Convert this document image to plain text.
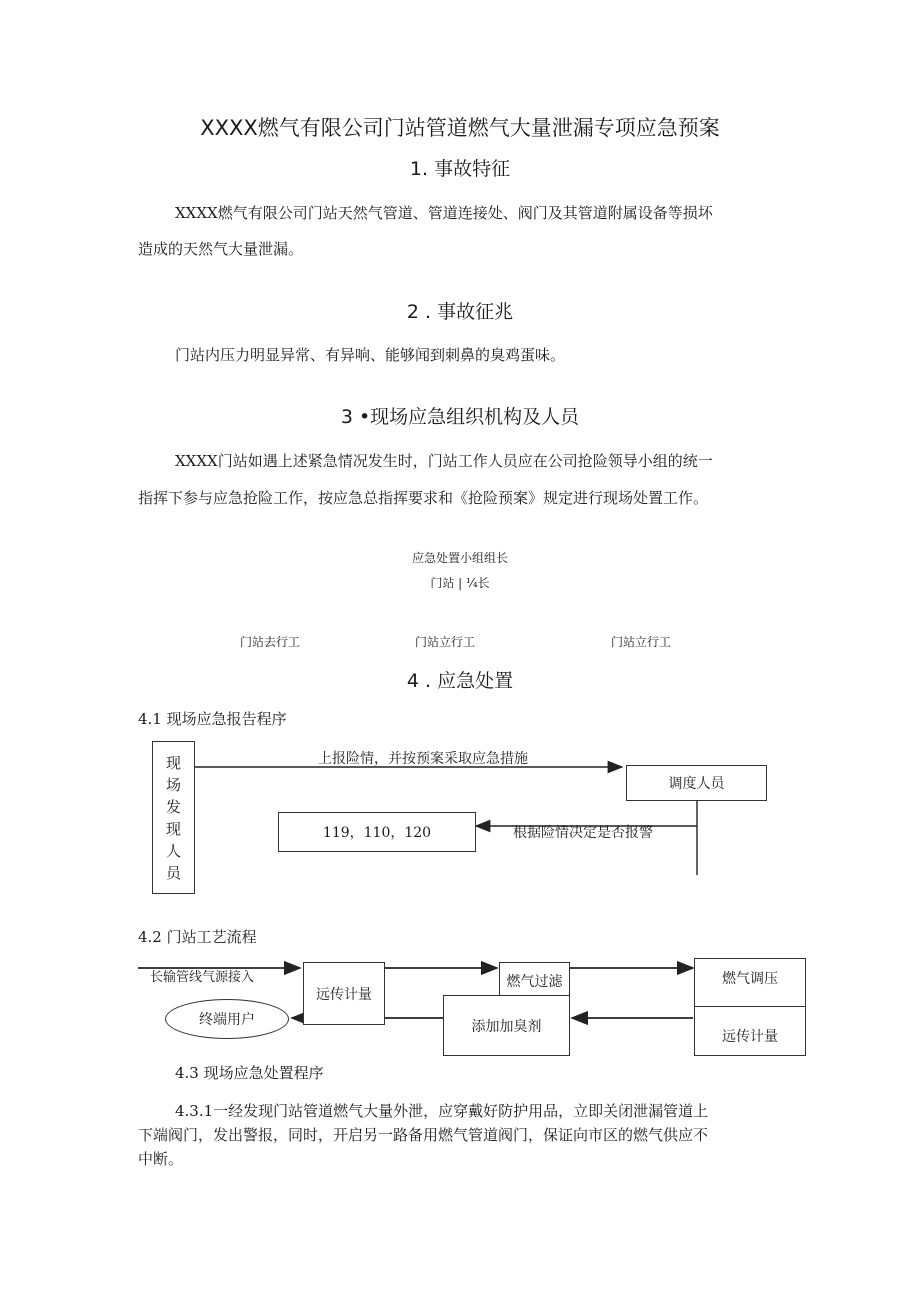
XXXX燃气有限公司门站管道燃气大量泄漏专项应急预案
1. 事故特征
XXXX燃气有限公司门站天然气管道、管道连接处、阀门及其管道附属设备等损坏
造成的天然气大量泄漏。
2 . 事故征兆
门站内压力明显异常、有异响、能够闻到刺鼻的臭鸡蛋味。
3 •现场应急组织机构及人员
XXXX门站如遇上述紧急情况发生时，门站工作人员应在公司抢险领导小组的统一
指挥下参与应急抢险工作，按应急总指挥要求和《抢险预案》规定进行现场处置工作。
应急处置小组组长
门站 | ¼长
门站去行工	门站立行工	门站立行工
4 . 应急处置
4.1 现场应急报告程序
现
场
发
现
人
员
上报险情，并按预案采取应急措施
调度人员
根据险情决定是否报警
119，110，120
4.2 门站工艺流程
长输管线气源接入
远传计量
燃气过滤
添加加臭剂
燃气调压
远传计量
终端用户
4.3 现场应急处置程序
4.3.1一经发现门站管道燃气大量外泄，应穿戴好防护用品，立即关闭泄漏管道上
下端阀门，发出警报，同时，开启另一路备用燃气管道阀门，保证向市区的燃气供应不
中断。
